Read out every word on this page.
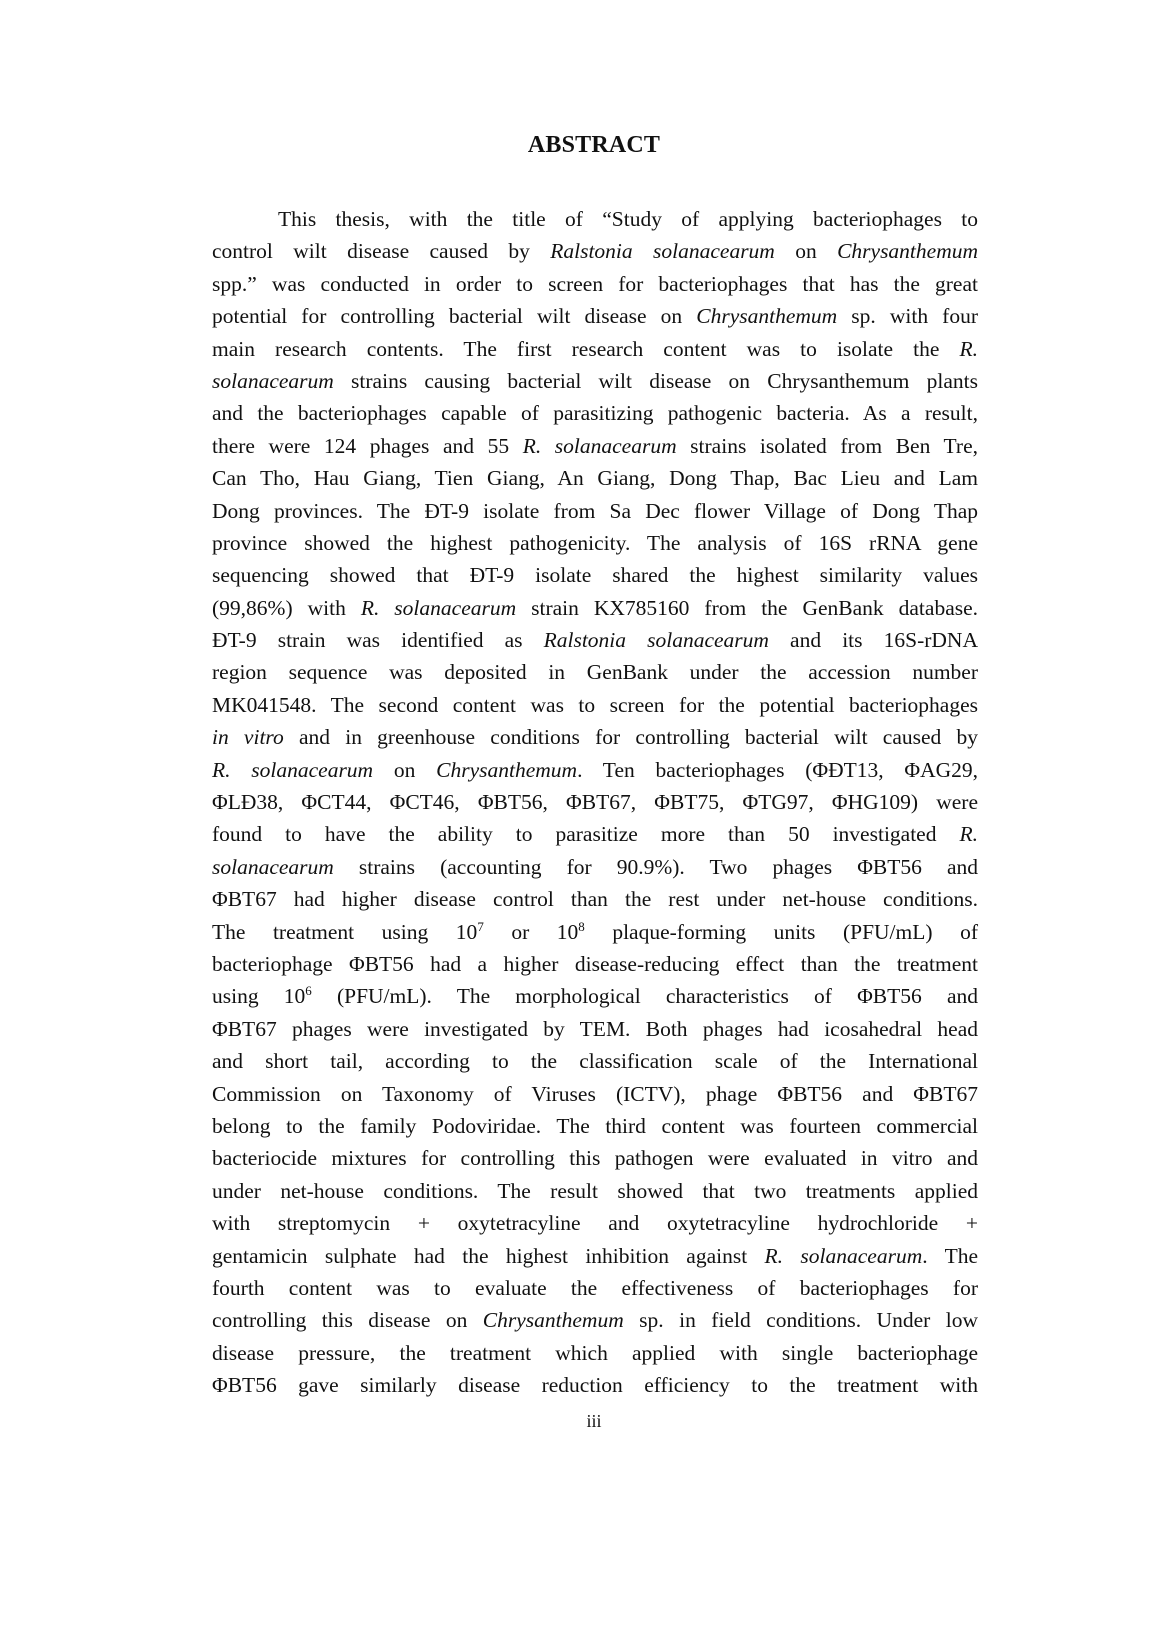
ABSTRACT
This thesis, with the title of “Study of applying bacteriophages to
control wilt disease caused by Ralstonia solanacearum on Chrysanthemum
spp.” was conducted in order to screen for bacteriophages that has the great
potential for controlling bacterial wilt disease on Chrysanthemum sp. with four
main research contents. The first research content was to isolate the R.
solanacearum strains causing bacterial wilt disease on Chrysanthemum plants
and the bacteriophages capable of parasitizing pathogenic bacteria. As a result,
there were 124 phages and 55 R. solanacearum strains isolated from Ben Tre,
Can Tho, Hau Giang, Tien Giang, An Giang, Dong Thap, Bac Lieu and Lam
Dong provinces. The ĐT-9 isolate from Sa Dec flower Village of Dong Thap
province showed the highest pathogenicity. The analysis of 16S rRNA gene
sequencing showed that ĐT-9 isolate shared the highest similarity values
(99,86%) with R. solanacearum strain KX785160 from the GenBank database.
ĐT-9 strain was identified as Ralstonia solanacearum and its 16S-rDNA
region sequence was deposited in GenBank under the accession number
MK041548. The second content was to screen for the potential bacteriophages
in vitro and in greenhouse conditions for controlling bacterial wilt caused by
R. solanacearum on Chrysanthemum. Ten bacteriophages (ΦĐT13, ΦAG29,
ΦLĐ38, ΦCT44, ΦCT46, ΦBT56, ΦBT67, ΦBT75, ΦTG97, ΦHG109) were
found to have the ability to parasitize more than 50 investigated R.
solanacearum strains (accounting for 90.9%). Two phages ΦBT56 and
ΦBT67 had higher disease control than the rest under net-house conditions.
The treatment using $10^7$ or $10^8$ plaque-forming units (PFU/mL) of
bacteriophage ΦBT56 had a higher disease-reducing effect than the treatment
using $10^6$ (PFU/mL). The morphological characteristics of ΦBT56 and
ΦBT67 phages were investigated by TEM. Both phages had icosahedral head
and short tail, according to the classification scale of the International
Commission on Taxonomy of Viruses (ICTV), phage ΦBT56 and ΦBT67
belong to the family Podoviridae. The third content was fourteen commercial
bacteriocide mixtures for controlling this pathogen were evaluated in vitro and
under net-house conditions. The result showed that two treatments applied
with streptomycin + oxytetracyline and oxytetracyline hydrochloride +
gentamicin sulphate had the highest inhibition against R. solanacearum. The
fourth content was to evaluate the effectiveness of bacteriophages for
controlling this disease on Chrysanthemum sp. in field conditions. Under low
disease pressure, the treatment which applied with single bacteriophage
ΦBT56 gave similarly disease reduction efficiency to the treatment with
iii
